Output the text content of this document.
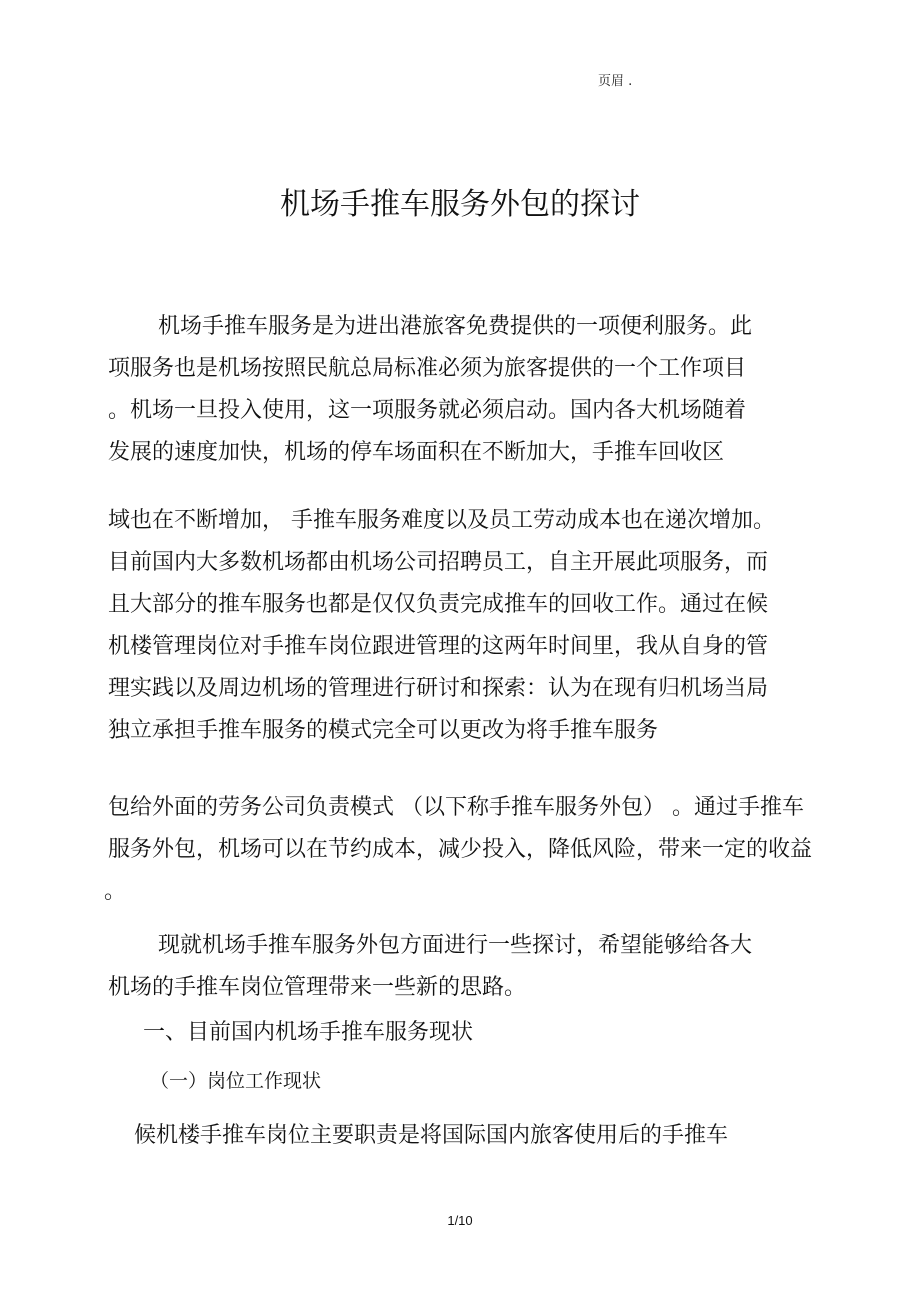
页眉 .
机场手推车服务外包的探讨
机场手推车服务是为进出港旅客免费提供的一项便利服务。此
项服务也是机场按照民航总局标准必须为旅客提供的一个工作项目
。机场一旦投入使用，这一项服务就必须启动。国内各大机场随着
发展的速度加快，机场的停车场面积在不断加大，手推车回收区
域也在不断增加， 手推车服务难度以及员工劳动成本也在递次增加。
目前国内大多数机场都由机场公司招聘员工，自主开展此项服务，而
且大部分的推车服务也都是仅仅负责完成推车的回收工作。通过在候
机楼管理岗位对手推车岗位跟进管理的这两年时间里，我从自身的管
理实践以及周边机场的管理进行研讨和探索：认为在现有归机场当局
独立承担手推车服务的模式完全可以更改为将手推车服务
包给外面的劳务公司负责模式 （以下称手推车服务外包） 。通过手推车
服务外包，机场可以在节约成本，减少投入，降低风险，带来一定的收益
。
现就机场手推车服务外包方面进行一些探讨，希望能够给各大
机场的手推车岗位管理带来一些新的思路。
一、目前国内机场手推车服务现状
（一）岗位工作现状
候机楼手推车岗位主要职责是将国际国内旅客使用后的手推车
1/10
